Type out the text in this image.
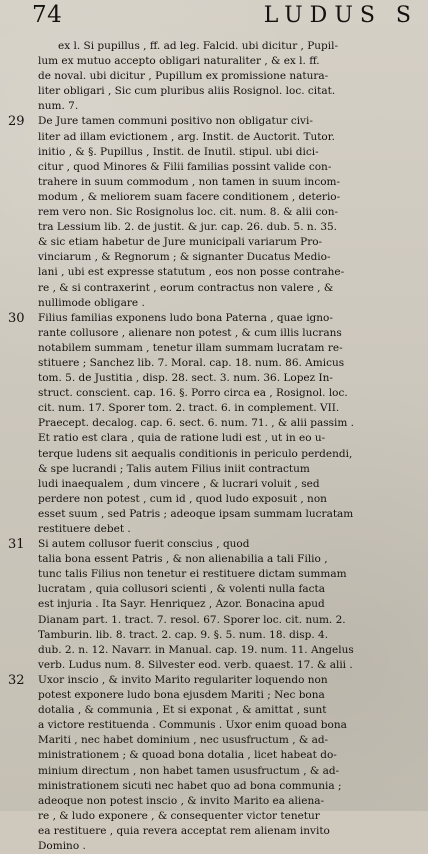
74	LUDUS S
ex l. Si pupillus , ff. ad leg. Falcid. ubi dicitur , Pupil-
lum ex mutuo accepto obligari naturaliter , & ex l. ff.
de noval. ubi dicitur , Pupillum ex promissione natura-
liter obligari , Sic cum pluribus aliis Rosignol. loc. citat.
num. 7.
29	De Jure tamen communi positivo non obligatur civi-
liter ad illam evictionem , arg. Instit. de Auctorit. Tutor.
initio , & §. Pupillus , Instit. de Inutil. stipul. ubi dici-
citur , quod Minores & Filii familias possint valide con-
trahere in suum commodum , non tamen in suum incom-
modum , & meliorem suam facere conditionem , deterio-
rem vero non. Sic Rosignolus loc. cit. num. 8. & alii con-
tra Lessium lib. 2. de justit. & jur. cap. 26. dub. 5. n. 35.
& sic etiam habetur de Jure municipali variarum Pro-
vinciarum , & Regnorum ; & signanter Ducatus Medio-
lani , ubi est expresse statutum , eos non posse contrahe-
re , & si contraxerint , eorum contractus non valere , &
nullimode obligare .
30	Filius familias exponens ludo bona Paterna , quae igno-
rante collusore , alienare non potest , & cum illis lucrans
notabilem summam , tenetur illam summam lucratam re-
stituere ; Sanchez lib. 7. Moral. cap. 18. num. 86. Amicus
tom. 5. de Justitia , disp. 28. sect. 3. num. 36. Lopez In-
struct. conscient. cap. 16. §. Porro circa ea , Rosignol. loc.
cit. num. 17. Sporer tom. 2. tract. 6. in complement. VII.
Praecept. decalog. cap. 6. sect. 6. num. 71. , & alii passim .
Et ratio est clara , quia de ratione ludi est , ut in eo u-
terque ludens sit aequalis conditionis in periculo perdendi,
& spe lucrandi ; Talis autem Filius iniit contractum
ludi inaequalem , dum vincere , & lucrari voluit , sed
perdere non potest , cum id , quod ludo exposuit , non
esset suum , sed Patris ; adeoque ipsam summam lucratam
restituere debet .
31	Si autem collusor fuerit conscius , quod
talia bona essent Patris , & non alienabilia a tali Filio ,
tunc talis Filius non tenetur ei restituere dictam summam
lucratam , quia collusori scienti , & volenti nulla facta
est injuria . Ita Sayr. Henriquez , Azor. Bonacina apud
Dianam part. 1. tract. 7. resol. 67. Sporer loc. cit. num. 2.
Tamburin. lib. 8. tract. 2. cap. 9. §. 5. num. 18. disp. 4.
dub. 2. n. 12. Navarr. in Manual. cap. 19. num. 11. Angelus
verb. Ludus num. 8. Silvester eod. verb. quaest. 17. & alii .
32	Uxor inscio , & invito Marito regulariter loquendo non
potest exponere ludo bona ejusdem Mariti ; Nec bona
dotalia , & communia , Et si exponat , & amittat , sunt
a victore restituenda . Communis . Uxor enim quoad bona
Mariti , nec habet dominium , nec ususfructum , & ad-
ministrationem ; & quoad bona dotalia , licet habeat do-
minium directum , non habet tamen ususfructum , & ad-
ministrationem sicuti nec habet quo ad bona communia ;
adeoque non potest inscio , & invito Marito ea aliena-
re , & ludo exponere , & consequenter victor tenetur
ea restituere , quia revera acceptat rem alienam invito
Domino .
